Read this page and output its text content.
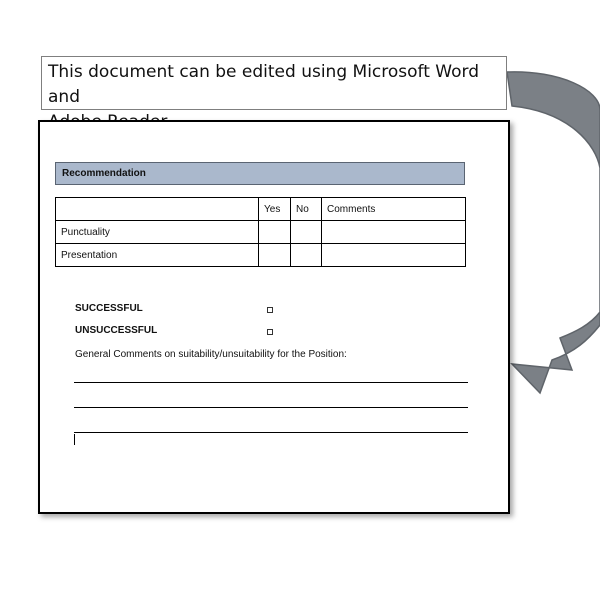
This document can be edited using Microsoft Word and
Recommendation
	Yes	No	Comments
Punctuality			
Presentation			
SUCCESSFUL
UNSUCCESSFUL
General Comments on suitability/unsuitability for the Position:
